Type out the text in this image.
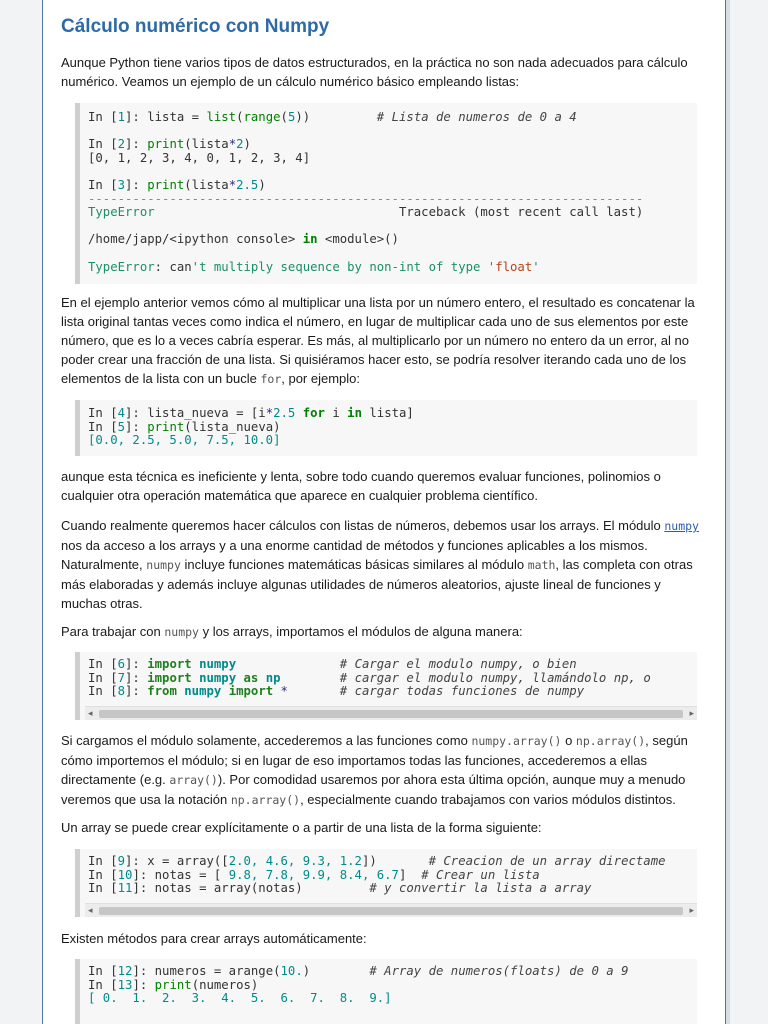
Cálculo numérico con Numpy

Aunque Python tiene varios tipos de datos estructurados, en la práctica no son nada adecuados para cálculo numérico. Veamos un ejemplo de un cálculo numérico básico empleando listas:

In [1]: lista = list(range(5))	# Lista de numeros de 0 a 4

In [2]: print(lista*2)
[0, 1, 2, 3, 4, 0, 1, 2, 3, 4]

In [3]: print(lista*2.5)
---------------------------------------------------------------------------
TypeError	Traceback (most recent call last)

/home/japp/<ipython console> in <module>()

TypeError: can't multiply sequence by non-int of type 'float'

En el ejemplo anterior vemos cómo al multiplicar una lista por un número entero, el resultado es concatenar la lista original tantas veces como indica el número, en lugar de multiplicar cada uno de sus elementos por este número, que es lo a veces cabría esperar. Es más, al multiplicarlo por un número no entero da un error, al no poder crear una fracción de una lista. Si quisiéramos hacer esto, se podría resolver iterando cada uno de los elementos de la lista con un bucle for, por ejemplo:

In [4]: lista_nueva = [i*2.5 for i in lista]
In [5]: print(lista_nueva)
[0.0, 2.5, 5.0, 7.5, 10.0]

aunque esta técnica es ineficiente y lenta, sobre todo cuando queremos evaluar funciones, polinomios o cualquier otra operación matemática que aparece en cualquier problema científico.

Cuando realmente queremos hacer cálculos con listas de números, debemos usar los arrays. El módulo numpy nos da acceso a los arrays y a una enorme cantidad de métodos y funciones aplicables a los mismos. Naturalmente, numpy incluye funciones matemáticas básicas similares al módulo math, las completa con otras más elaboradas y además incluye algunas utilidades de números aleatorios, ajuste lineal de funciones y muchas otras.

Para trabajar con numpy y los arrays, importamos el módulos de alguna manera:

In [6]: import numpy	# Cargar el modulo numpy, o bien
In [7]: import numpy as np	# cargar el modulo numpy, llamándolo np, o
In [8]: from numpy import *	# cargar todas funciones de numpy
◂	▸

Si cargamos el módulo solamente, accederemos a las funciones como numpy.array() o np.array(), según cómo importemos el módulo; si en lugar de eso importamos todas las funciones, accederemos a ellas directamente (e.g. array()). Por comodidad usaremos por ahora esta última opción, aunque muy a menudo veremos que usa la notación np.array(), especialmente cuando trabajamos con varios módulos distintos.

Un array se puede crear explícitamente o a partir de una lista de la forma siguiente:

In [9]: x = array([2.0, 4.6, 9.3, 1.2])	# Creacion de un array directame
In [10]: notas = [ 9.8, 7.8, 9.9, 8.4, 6.7] # Crear un lista
In [11]: notas = array(notas)	# y convertir la lista a array
◂	▸

Existen métodos para crear arrays automáticamente:

In [12]: numeros = arange(10.)	# Array de numeros(floats) de 0 a 9
In [13]: print(numeros)
[ 0.  1.  2.  3.  4.  5.  6.  7.  8.  9.]
